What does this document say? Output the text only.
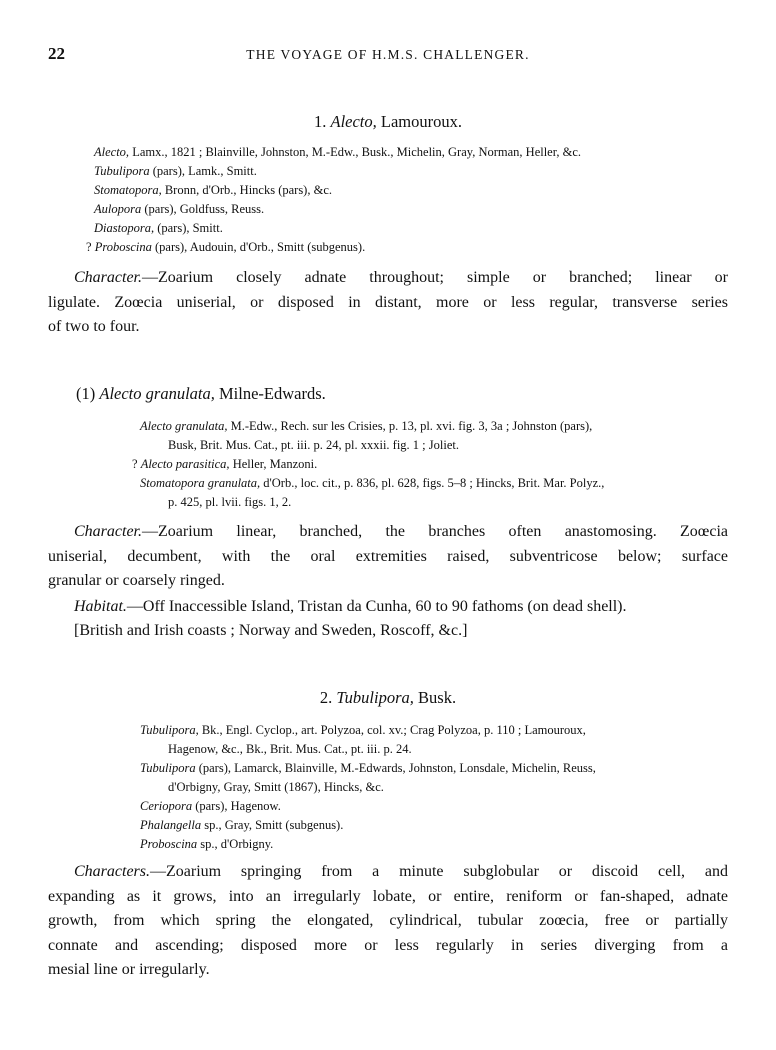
22	THE VOYAGE OF H.M.S. CHALLENGER.
1. Alecto, Lamouroux.
Alecto, Lamx., 1821 ; Blainville, Johnston, M.-Edw., Busk., Michelin, Gray, Norman, Heller, &c.
Tubulipora (pars), Lamk., Smitt.
Stomatopora, Bronn, d'Orb., Hincks (pars), &c.
Aulopora (pars), Goldfuss, Reuss.
Diastopora, (pars), Smitt.
? Proboscina (pars), Audouin, d'Orb., Smitt (subgenus).
Character.—Zoarium closely adnate throughout; simple or branched; linear or
ligulate. Zoœcia uniserial, or disposed in distant, more or less regular, transverse series
of two to four.
(1) Alecto granulata, Milne-Edwards.
Alecto granulata, M.-Edw., Rech. sur les Crisies, p. 13, pl. xvi. fig. 3, 3a ; Johnston (pars),
Busk, Brit. Mus. Cat., pt. iii. p. 24, pl. xxxii. fig. 1 ; Joliet.
? Alecto parasitica, Heller, Manzoni.
Stomatopora granulata, d'Orb., loc. cit., p. 836, pl. 628, figs. 5–8 ; Hincks, Brit. Mar. Polyz.,
p. 425, pl. lvii. figs. 1, 2.
Character.—Zoarium linear, branched, the branches often anastomosing. Zoœcia
uniserial, decumbent, with the oral extremities raised, subventricose below; surface
granular or coarsely ringed.
Habitat.—Off Inaccessible Island, Tristan da Cunha, 60 to 90 fathoms (on dead shell).
[British and Irish coasts ; Norway and Sweden, Roscoff, &c.]
2. Tubulipora, Busk.
Tubulipora, Bk., Engl. Cyclop., art. Polyzoa, col. xv.; Crag Polyzoa, p. 110 ; Lamouroux,
Hagenow, &c., Bk., Brit. Mus. Cat., pt. iii. p. 24.
Tubulipora (pars), Lamarck, Blainville, M.-Edwards, Johnston, Lonsdale, Michelin, Reuss,
d'Orbigny, Gray, Smitt (1867), Hincks, &c.
Ceriopora (pars), Hagenow.
Phalangella sp., Gray, Smitt (subgenus).
Proboscina sp., d'Orbigny.
Characters.—Zoarium springing from a minute subglobular or discoid cell, and
expanding as it grows, into an irregularly lobate, or entire, reniform or fan-shaped, adnate
growth, from which spring the elongated, cylindrical, tubular zoœcia, free or partially
connate and ascending; disposed more or less regularly in series diverging from a
mesial line or irregularly.
